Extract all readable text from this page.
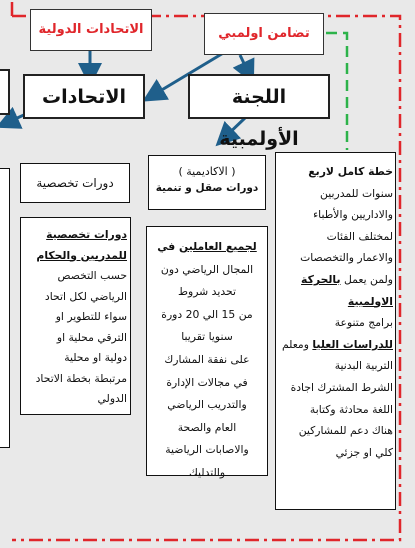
الاتحادات الدولية	تضامن اولمبي
الاتحادات	اللجنة الأولمبية
دورات تخصصية
( الاكاديمية )
دورات صقل و تنمية
خطة كامل لاربع
سنوات للمدربين
والاداريين والأطباء
لمختلف الفئات
والاعمار والتخصصات
ولمن يعمل بالحركة
الاولمبية
برامج متنوعة
للدراسات العليا ومعلم
التربية البدنية
الشرط المشترك اجادة
اللغة محادثة وكتابة
هناك دعم للمشاركين
كلي او جزئي
لجميع العاملين في
المجال الرياضي دون
تحديد شروط
من 15 الي 20 دورة
سنويا تقريبا
على نفقة المشارك
في مجالات الإدارة
والتدريب الرياضي
العام والصحة
والاصابات الرياضية
والتدليك
دورات تخصصية
للمدربين والحكام
حسب التخصص
الرياضي لكل اتحاد
سواء للتطوير او
الترقي محلية او
دولية او محلية
مرتبطة بخطة الاتحاد
الدولي
